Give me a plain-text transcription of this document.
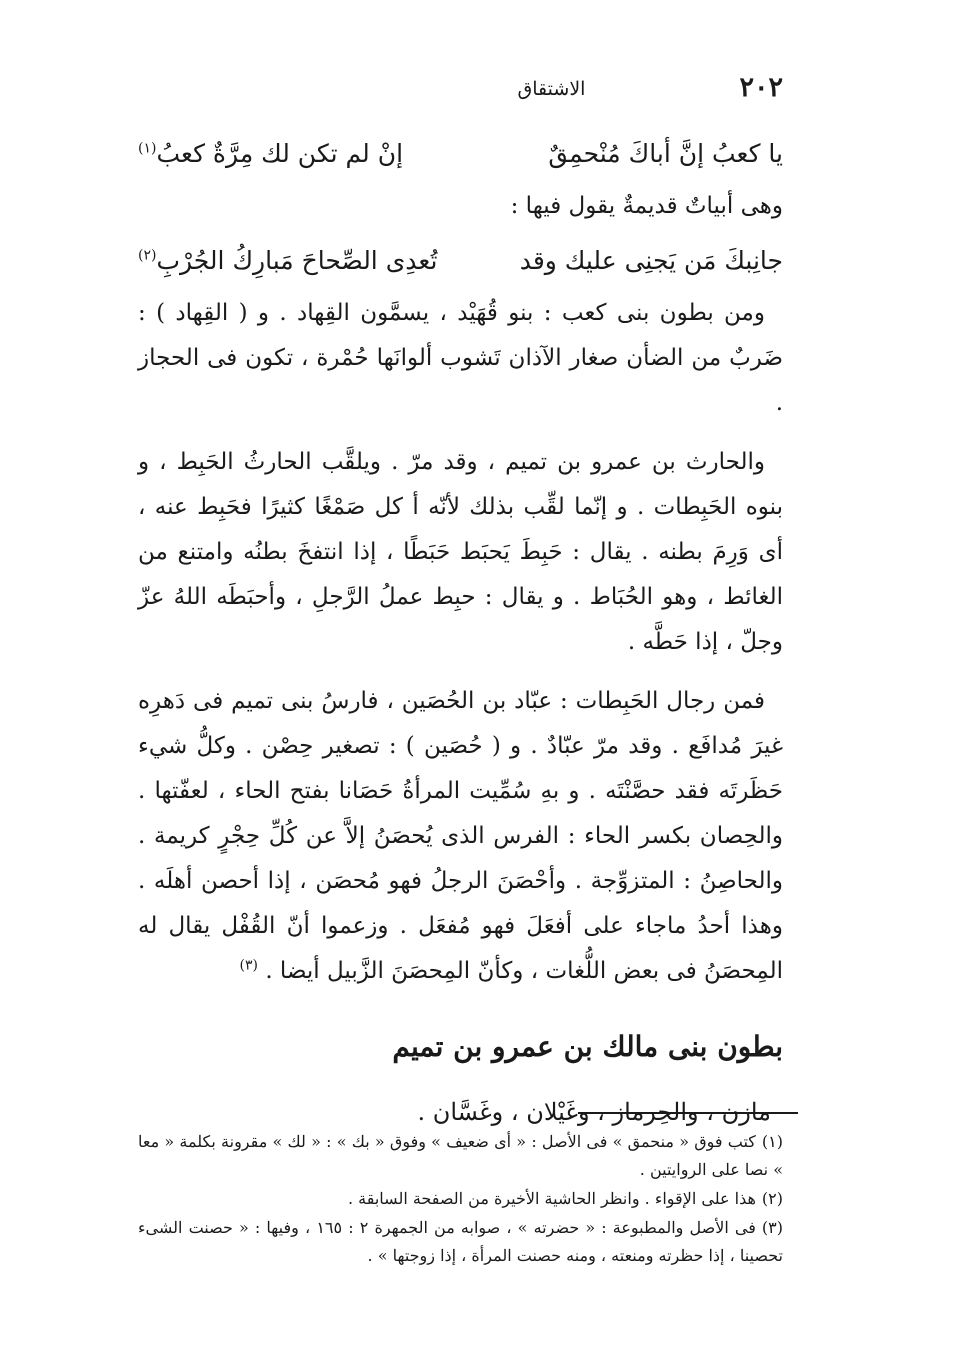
٢٠٢
الاشتقاق
يا كعبُ إنَّ أباكَ مُنْحمِقٌ
إنْ لم تكن لك مِرَّةٌ كعبُ$^{(١)}$

وهى أبياتٌ قديمةٌ يقول فيها :

جانِبكَ مَن يَجنِى عليك وقد
تُعدِى الصِّحاحَ مَبارِكُ الجُرْبِ$^{(٢)}$

ومن بطون بنى كعب : بنو قُهَيْد ، يسمَّون القِهاد . و ( القِهاد ) : ضَربٌ من الضأن صغار الآذان تَشوب ألوانَها حُمْرة ، تكون فى الحجاز .

والحارث بن عمرو بن تميم ، وقد مرّ . ويلقَّب الحارثُ الحَبِط ، و بنوه الحَبِطات . و إنّما لقِّب بذلك لأنّه أ كل صَمْغًا كثيرًا فحَبِط عنه ، أى وَرِمَ بطنه . يقال : حَبِطَ يَحبَط حَبَطًا ، إذا انتفخَ بطنُه وامتنع من الغائط ، وهو الحُبَاط . و يقال : حبِط عملُ الرَّجلِ ، وأحبَطَه اللهُ عزّ وجلّ ، إذا حَطَّه .

فمن رجال الحَبِطات : عبّاد بن الحُصَين ، فارسُ بنى تميم فى دَهرِه غيرَ مُدافَع . وقد مرّ عبّادٌ . و ( حُصَين ) : تصغير حِصْن . وكلُّ شيء حَظَرتَه فقد حصَّنْتَه . و بهِ سُمِّيت المرأةُ حَصَانا بفتح الحاء ، لعفّتها . والحِصان بكسر الحاء : الفرس الذى يُحصَنُ إلاَّ عن كُلِّ حِجْرٍ كريمة . والحاصِنُ : المتزوِّجة . وأحْصَنَ الرجلُ فهو مُحصَن ، إذا أحصن أهلَه . وهذا أحدُ ماجاء على أفعَلَ فهو مُفعَل . وزعموا أنّ القُفْل يقال له المِحصَنُ فى بعض اللُّغات ، وكأنّ المِحصَنَ الزَّبيل أيضا . $^{(٣)}$

بطون بنى مالك بن عمرو بن تميم

مازن ، والحِرماز ، وغَيْلان ، وغَسَّان .

(١)كتب فوق « منحمق » فى الأصل : « أى ضعيف » وفوق « بك » : « لك » مقرونة بكلمة « معا » نصا على الروايتين .

(٢)هذا على الإقواء . وانظر الحاشية الأخيرة من الصفحة السابقة .

(٣)فى الأصل والمطبوعة : « حضرته » ، صوابه من الجمهرة ٢ : ١٦٥ ، وفيها : « حصنت الشىء تحصينا ، إذا حظرته ومنعته ، ومنه حصنت المرأة ، إذا زوجتها » .
